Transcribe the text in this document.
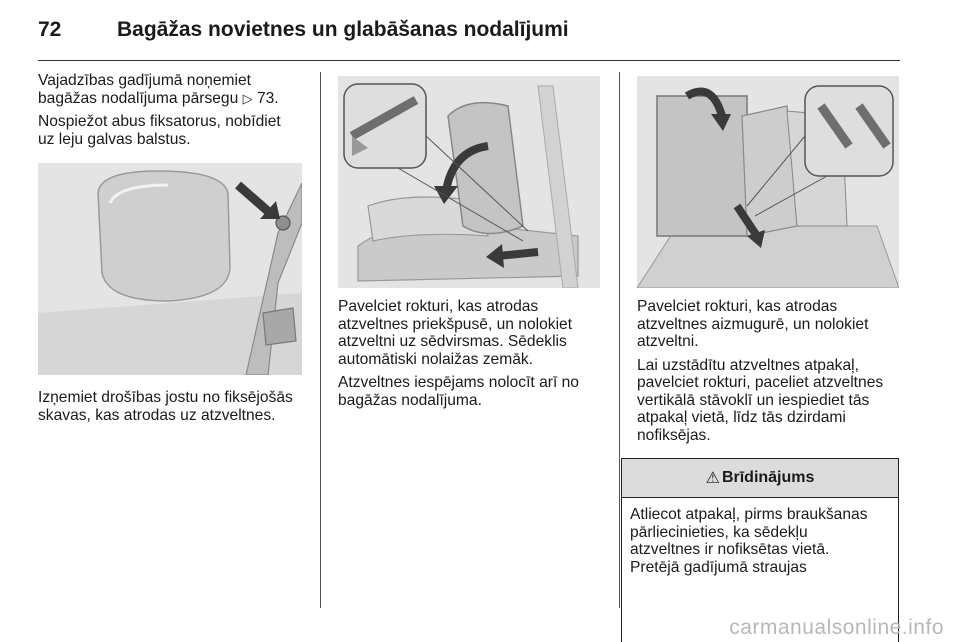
72	Bagāžas novietnes un glabāšanas nodalījumi

Vajadzības gadījumā noņemiet
bagāžas nodalījuma pārsegu ▷ 73.

Nospiežot abus fiksatorus, nobīdiet
uz leju galvas balstus.

Izņemiet drošības jostu no fiksējošās
skavas, kas atrodas uz atzveltnes.

Pavelciet rokturi, kas atrodas
atzveltnes priekšpusē, un nolokiet
atzveltni uz sēdvirsmas. Sēdeklis
automātiski nolaižas zemāk.

Atzveltnes iespējams nolocīt arī no
bagāžas nodalījuma.

Pavelciet rokturi, kas atrodas
atzveltnes aizmugurē, un nolokiet
atzveltni.

Lai uzstādītu atzveltnes atpakaļ,
pavelciet rokturi, paceliet atzveltnes
vertikālā stāvoklī un iespiediet tās
atpakaļ vietā, līdz tās dzirdami
nofiksējas.

⚠ Brīdinājums
Atliecot atpakaļ, pirms braukšanas
pārliecinieties, ka sēdekļu
atzveltnes ir nofiksētas vietā.
Pretējā gadījumā straujas
carmanualsonline.info
